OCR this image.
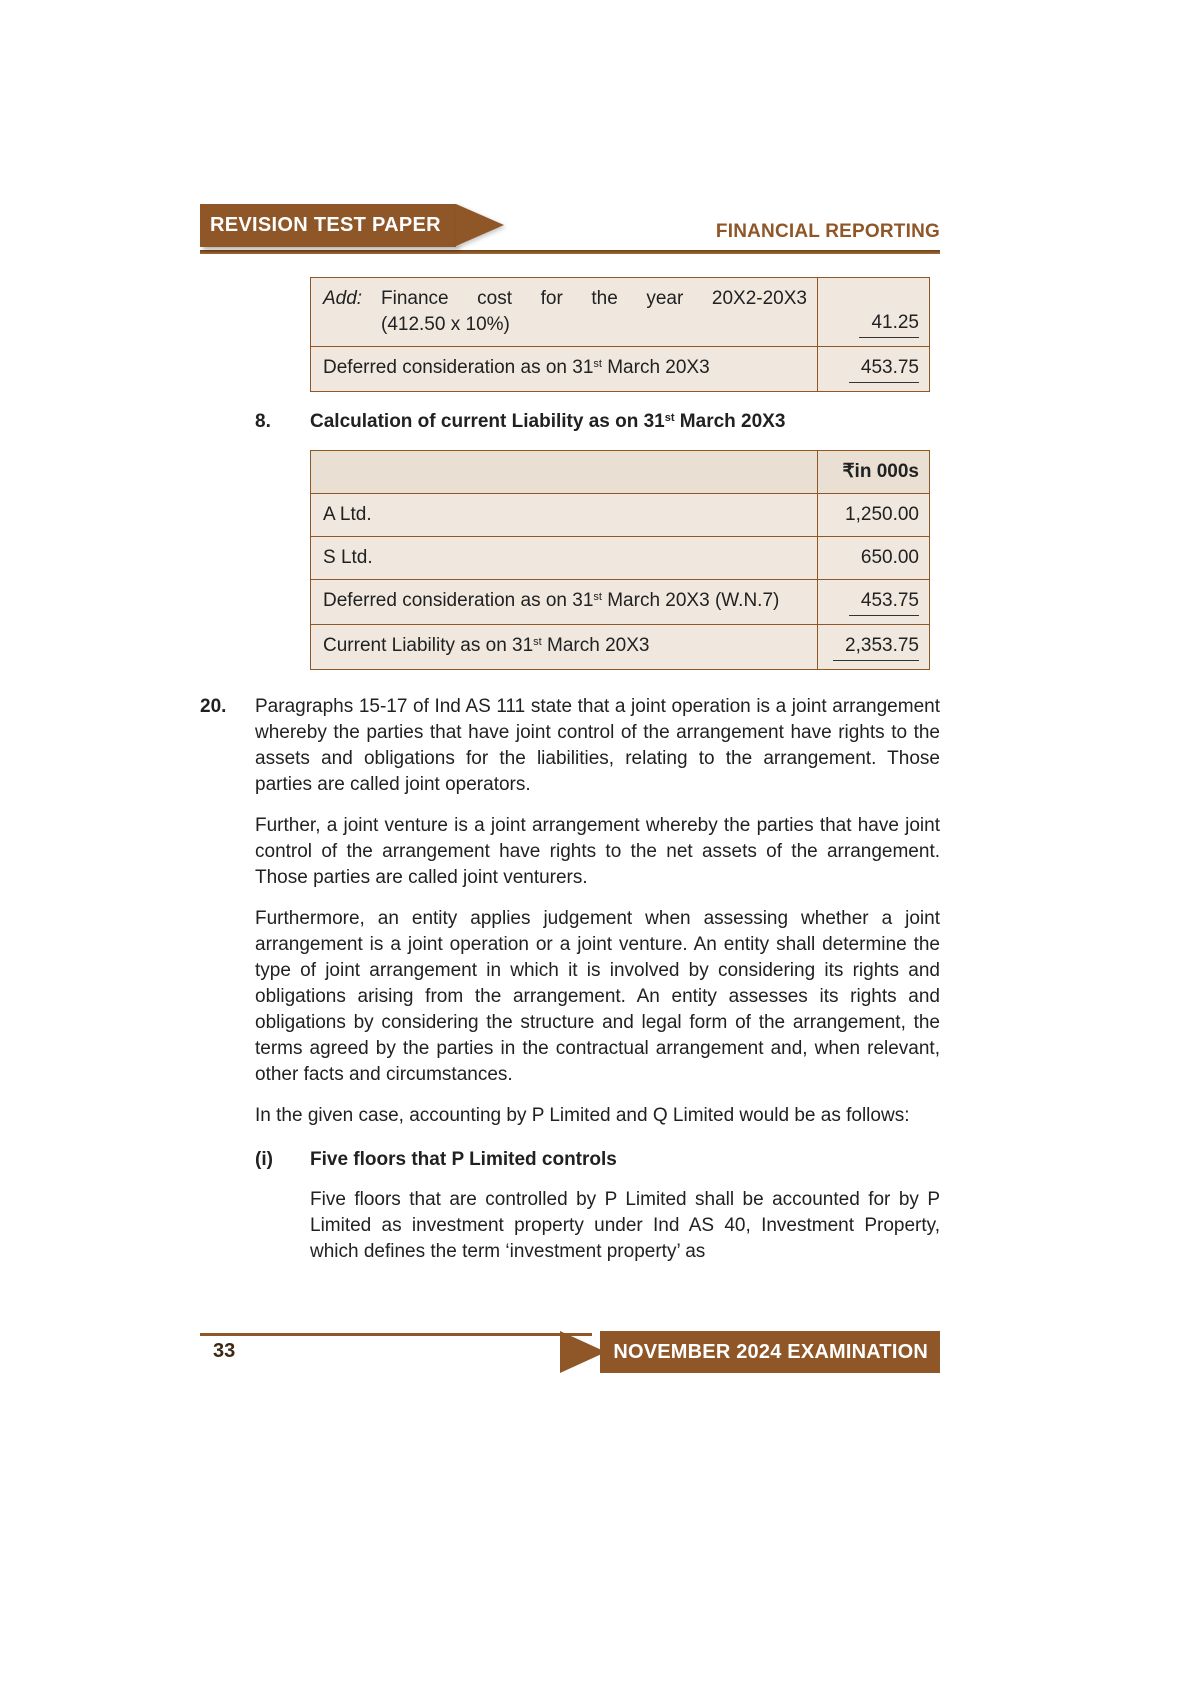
REVISION TEST PAPER	FINANCIAL REPORTING
Add: Finance cost for the year 20X2-20X3
(412.50 x 10%)	41.25
Deferred consideration as on 31st March 20X3	453.75
8.	Calculation of current Liability as on 31st March 20X3
₹in 000s
A Ltd.	1,250.00
S Ltd.	650.00
Deferred consideration as on 31st March 20X3 (W.N.7)	453.75
Current Liability as on 31st March 20X3	2,353.75
20.	Paragraphs 15-17 of Ind AS 111 state that a joint operation is a joint arrangement whereby the parties that have joint control of the arrangement have rights to the assets and obligations for the liabilities, relating to the arrangement. Those parties are called joint operators.
Further, a joint venture is a joint arrangement whereby the parties that have joint control of the arrangement have rights to the net assets of the arrangement. Those parties are called joint venturers.
Furthermore, an entity applies judgement when assessing whether a joint arrangement is a joint operation or a joint venture. An entity shall determine the type of joint arrangement in which it is involved by considering its rights and obligations arising from the arrangement. An entity assesses its rights and obligations by considering the structure and legal form of the arrangement, the terms agreed by the parties in the contractual arrangement and, when relevant, other facts and circumstances.
In the given case, accounting by P Limited and Q Limited would be as follows:
(i)	Five floors that P Limited controls
Five floors that are controlled by P Limited shall be accounted for by P Limited as investment property under Ind AS 40, Investment Property, which defines the term ‘investment property’ as
NOVEMBER 2024 EXAMINATION
33
